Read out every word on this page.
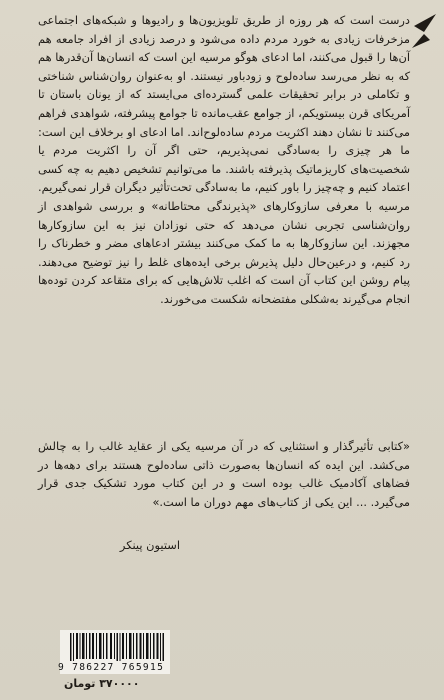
درست است که هر روزه از طریق تلویزیون‌ها و رادیوها و شبکه‌های اجتماعی مزخرفات زیادی به خورد مردم داده می‌شود و درصد زیادی از افراد جامعه هم آن‌ها را قبول می‌کنند، اما ادعای هوگو مرسیه این است که انسان‌ها آن‌قدرها هم که به نظر می‌رسد ساده‌لوح و زودباور نیستند. او به‌عنوان روان‌شناس شناختی و تکاملی در برابر تحقیقات علمی گسترده‌ای می‌ایستد که از یونان باستان تا آمریکای قرن بیستویکم، از جوامع عقب‌مانده تا جوامع پیشرفته، شواهدی فراهم می‌کنند تا نشان دهند اکثریت مردم ساده‌لوح‌اند. اما ادعای او برخلاف این است: ما هر چیزی را به‌سادگی نمی‌پذیریم، حتی اگر آن را اکثریت مردم یا شخصیت‌های کاریزماتیک پذیرفته باشند. ما می‌توانیم تشخیص دهیم به چه کسی اعتماد کنیم و چه‌چیز را باور کنیم، ما به‌سادگی تحت‌تأثیر دیگران قرار نمی‌گیریم. مرسیه با معرفی سازوکارهای «پذیرندگی محتاطانه» و بررسی شواهدی از روان‌شناسی تجربی نشان می‌دهد که حتی نوزادان نیز به این سازوکارها مجهزند. این سازوکارها به ما کمک می‌کنند بیشتر ادعاهای مضر و خطرناک را رد کنیم، و درعین‌حال دلیل پذیرش برخی ایده‌های غلط را نیز توضیح می‌دهند. پیام روشن این کتاب آن است که اغلب تلاش‌هایی که برای متقاعد کردن توده‌ها انجام می‌گیرند به‌شکلی مفتضحانه شکست می‌خورند.
«کتابی تأثیرگذار و استثنایی که در آن مرسیه یکی از عقاید غالب را به چالش می‌کشد. این ایده که انسان‌ها به‌صورت ذاتی ساده‌لوح هستند برای دهه‌ها در فضاهای آکادمیک غالب بوده است و در این کتاب مورد تشکیک جدی قرار می‌گیرد. ... این یکی از کتاب‌های مهم دوران ما است.»
استیون پینکر
9 786227 765915
۳۷۰۰۰۰ تومان
